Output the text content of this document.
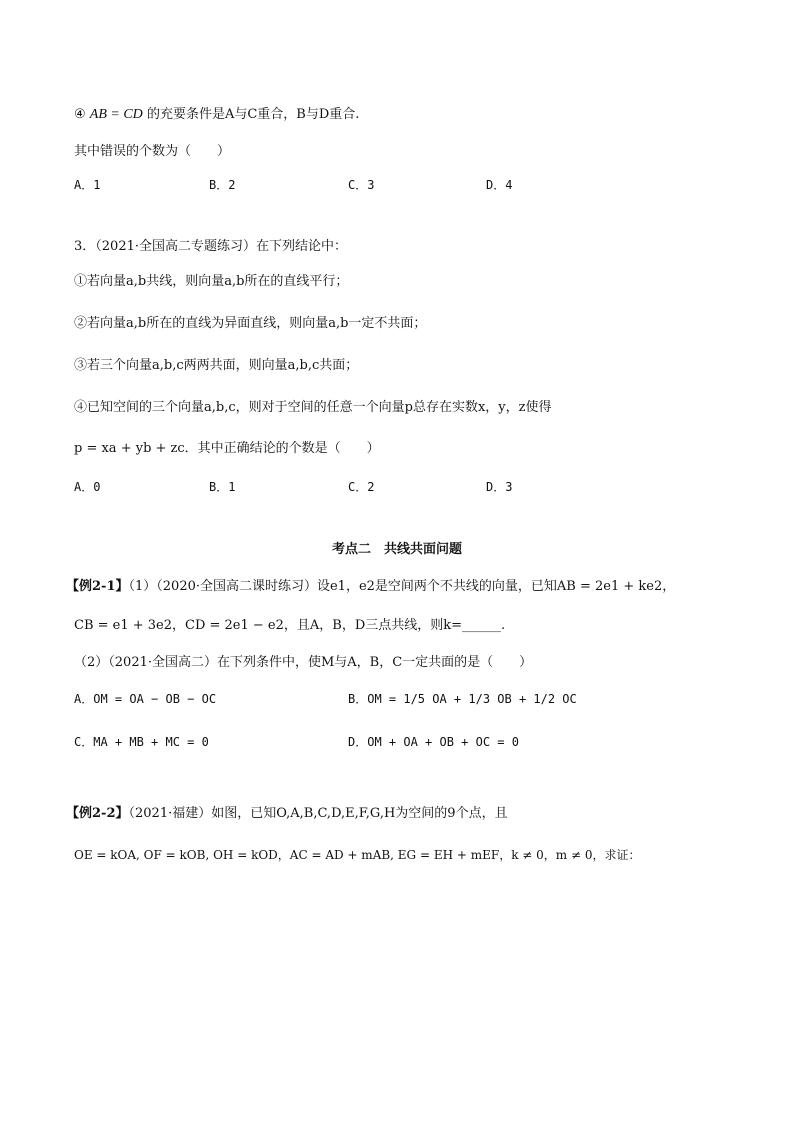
④ AB = CD 的充要条件是A与C重合，B与D重合.
其中错误的个数为（　　）
A．1	B．2	C．3	D．4
3．（2021·全国高二专题练习）在下列结论中：
①若向量a,b共线，则向量a,b所在的直线平行；
②若向量a,b所在的直线为异面直线，则向量a,b一定不共面；
③若三个向量a,b,c两两共面，则向量a,b,c共面；
④已知空间的三个向量a,b,c，则对于空间的任意一个向量p总存在实数x，y，z使得
p = xa + yb + zc．其中正确结论的个数是（　　）
A．0	B．1	C．2	D．3
考点二　共线共面问题
【例2-1】（1）（2020·全国高二课时练习）设e1，e2是空间两个不共线的向量，已知AB = 2e1 + ke2，
CB = e1 + 3e2，CD = 2e1 − e2，且A，B，D三点共线，则k=______.
（2）（2021·全国高二）在下列条件中，使M与A，B，C一定共面的是（　　）
A．OM = OA − OB − OC	B．OM = 1/5 OA + 1/3 OB + 1/2 OC
C．MA + MB + MC = 0	D．OM + OA + OB + OC = 0
【例2-2】（2021·福建）如图，已知O,A,B,C,D,E,F,G,H为空间的9个点，且
OE = kOA, OF = kOB, OH = kOD，AC = AD + mAB, EG = EH + mEF，k ≠ 0，m ≠ 0，求证：
